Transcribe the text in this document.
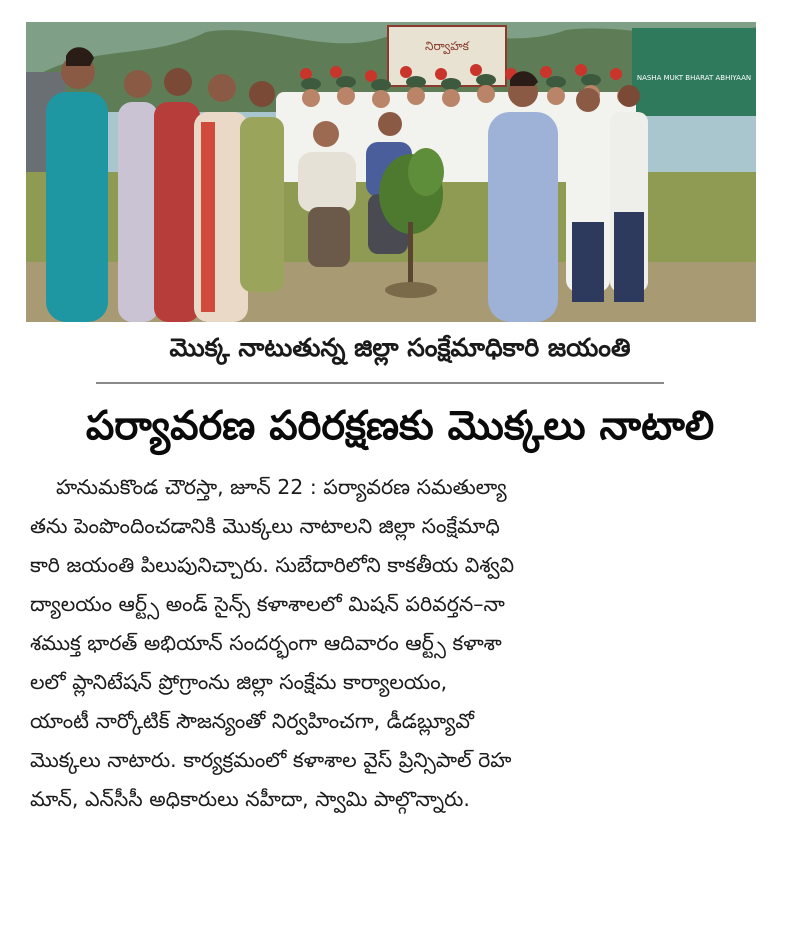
నిర్వాహక
NASHA MUKT BHARAT ABHIYAAN
మొక్క నాటుతున్న జిల్లా సంక్షేమాధికారి జయంతి
పర్యావరణ పరిరక్షణకు మొక్కలు నాటాలి
హనుమకొండ చౌరస్తా, జూన్ 22 : పర్యావరణ సమతుల్యా
తను పెంపొందించడానికి మొక్కలు నాటాలని జిల్లా సంక్షేమాధి
కారి జయంతి పిలుపునిచ్చారు. సుబేదారిలోని కాకతీయ విశ్వవి
ద్యాలయం ఆర్ట్స్ అండ్ సైన్స్ కళాశాలలో మిషన్ పరివర్తన–నా
శముక్త భారత్ అభియాన్ సందర్భంగా ఆదివారం ఆర్ట్స్ కళాశా
లలో ప్లానిటేషన్ ప్రోగ్రాంను జిల్లా సంక్షేమ కార్యాలయం,
యాంటీ నార్కోటిక్ సౌజన్యంతో నిర్వహించగా, డీడబ్ల్యూవో
మొక్కలు నాటారు. కార్యక్రమంలో కళాశాల వైస్ ప్రిన్సిపాల్ రెహ
మాన్, ఎన్‌సీసీ అధికారులు నహీదా, స్వామి పాల్గొన్నారు.
